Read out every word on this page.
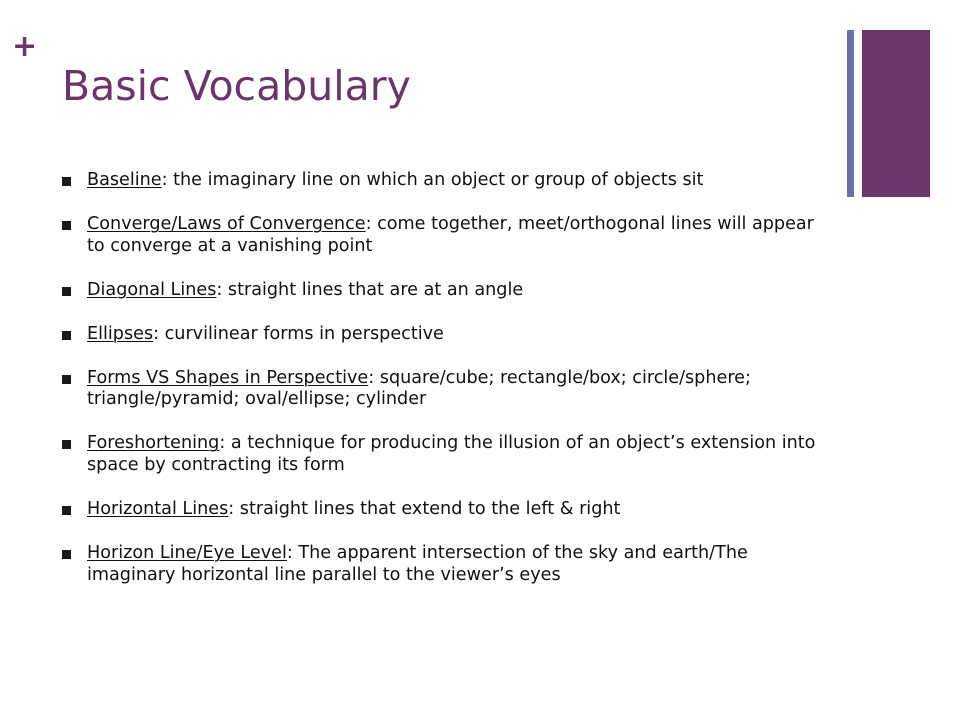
+
Basic Vocabulary
Baseline: the imaginary line on which an object or group of objects sit
Converge/Laws of Convergence: come together, meet/orthogonal lines will appear to converge at a vanishing point
Diagonal Lines: straight lines that are at an angle
Ellipses: curvilinear forms in perspective
Forms VS Shapes in Perspective: square/cube; rectangle/box; circle/sphere; triangle/pyramid; oval/ellipse; cylinder
Foreshortening: a technique for producing the illusion of an object’s extension into space by contracting its form
Horizontal Lines: straight lines that extend to the left & right
Horizon Line/Eye Level: The apparent intersection of the sky and earth/The imaginary horizontal line parallel to the viewer’s eyes
